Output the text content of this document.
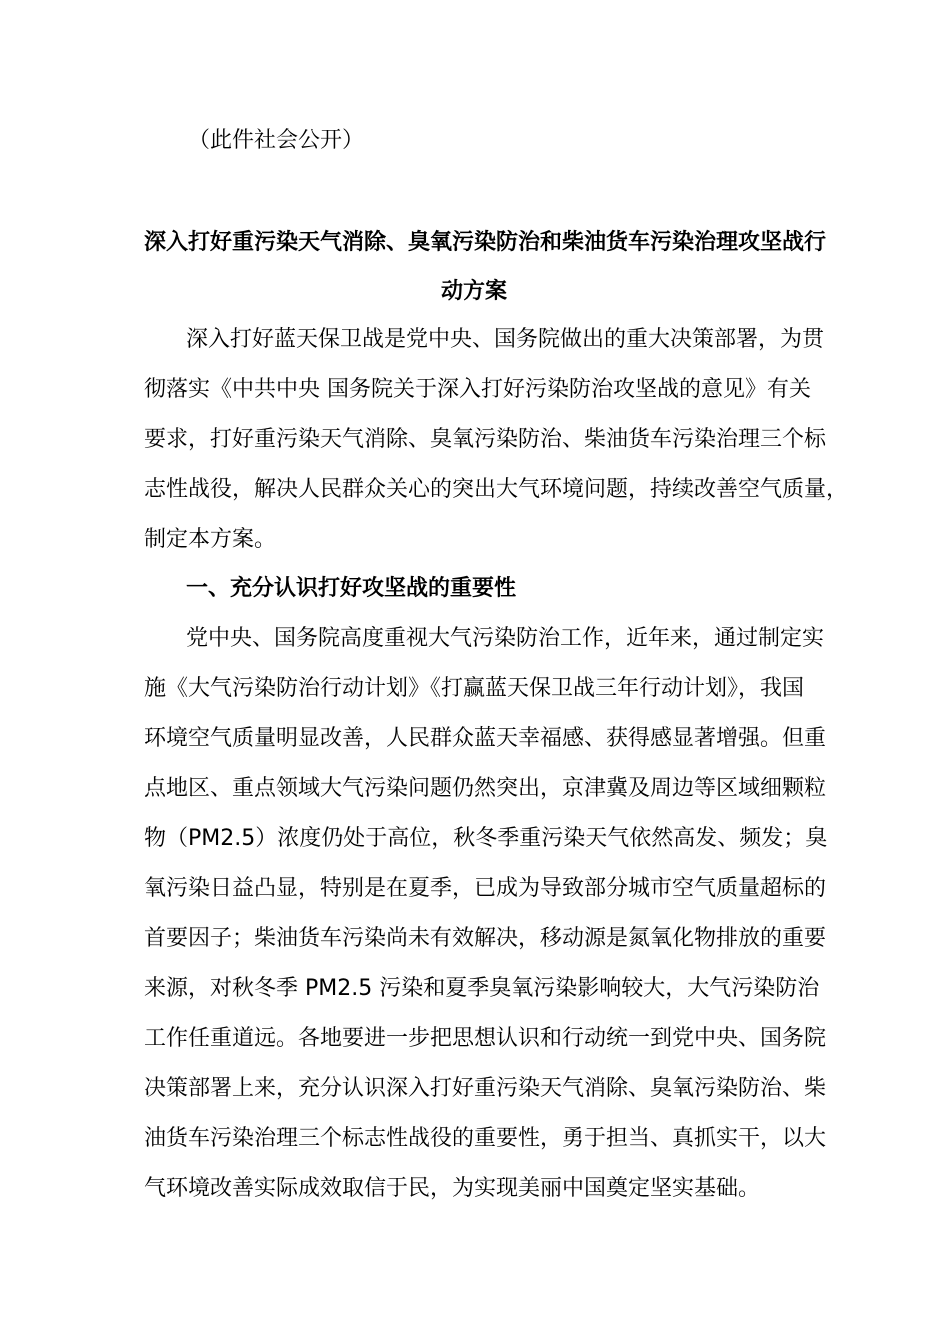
（此件社会公开）
深入打好重污染天气消除、臭氧污染防治和柴油货车污染治理攻坚战行
动方案
深入打好蓝天保卫战是党中央、国务院做出的重大决策部署，为贯
彻落实《中共中央 国务院关于深入打好污染防治攻坚战的意见》有关
要求，打好重污染天气消除、臭氧污染防治、柴油货车污染治理三个标
志性战役，解决人民群众关心的突出大气环境问题，持续改善空气质量，
制定本方案。
一、充分认识打好攻坚战的重要性
党中央、国务院高度重视大气污染防治工作，近年来，通过制定实
施《大气污染防治行动计划》《打赢蓝天保卫战三年行动计划》，我国
环境空气质量明显改善，人民群众蓝天幸福感、获得感显著增强。但重
点地区、重点领域大气污染问题仍然突出，京津冀及周边等区域细颗粒
物（PM2.5）浓度仍处于高位，秋冬季重污染天气依然高发、频发；臭
氧污染日益凸显，特别是在夏季，已成为导致部分城市空气质量超标的
首要因子；柴油货车污染尚未有效解决，移动源是氮氧化物排放的重要
来源，对秋冬季 PM2.5 污染和夏季臭氧污染影响较大，大气污染防治
工作任重道远。各地要进一步把思想认识和行动统一到党中央、国务院
决策部署上来，充分认识深入打好重污染天气消除、臭氧污染防治、柴
油货车污染治理三个标志性战役的重要性，勇于担当、真抓实干，以大
气环境改善实际成效取信于民，为实现美丽中国奠定坚实基础。
